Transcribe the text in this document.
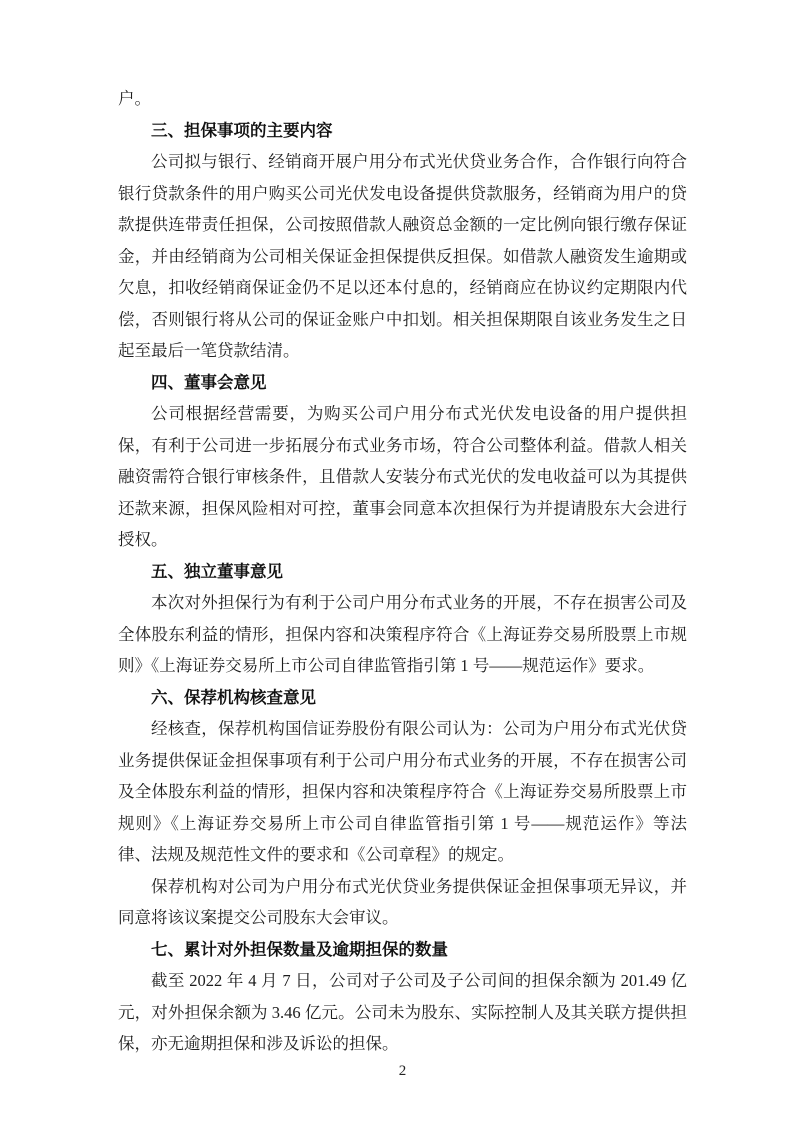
户。

三、担保事项的主要内容

公司拟与银行、经销商开展户用分布式光伏贷业务合作，合作银行向符合银行贷款条件的用户购买公司光伏发电设备提供贷款服务，经销商为用户的贷款提供连带责任担保，公司按照借款人融资总金额的一定比例向银行缴存保证金，并由经销商为公司相关保证金担保提供反担保。如借款人融资发生逾期或欠息，扣收经销商保证金仍不足以还本付息的，经销商应在协议约定期限内代偿，否则银行将从公司的保证金账户中扣划。相关担保期限自该业务发生之日起至最后一笔贷款结清。

四、董事会意见

公司根据经营需要，为购买公司户用分布式光伏发电设备的用户提供担保，有利于公司进一步拓展分布式业务市场，符合公司整体利益。借款人相关融资需符合银行审核条件，且借款人安装分布式光伏的发电收益可以为其提供还款来源，担保风险相对可控，董事会同意本次担保行为并提请股东大会进行授权。

五、独立董事意见

本次对外担保行为有利于公司户用分布式业务的开展，不存在损害公司及全体股东利益的情形，担保内容和决策程序符合《上海证券交易所股票上市规则》《上海证券交易所上市公司自律监管指引第 1 号——规范运作》要求。

六、保荐机构核查意见

经核查，保荐机构国信证券股份有限公司认为：公司为户用分布式光伏贷业务提供保证金担保事项有利于公司户用分布式业务的开展，不存在损害公司及全体股东利益的情形，担保内容和决策程序符合《上海证券交易所股票上市规则》《上海证券交易所上市公司自律监管指引第 1 号——规范运作》等法律、法规及规范性文件的要求和《公司章程》的规定。

保荐机构对公司为户用分布式光伏贷业务提供保证金担保事项无异议，并同意将该议案提交公司股东大会审议。

七、累计对外担保数量及逾期担保的数量

截至 2022 年 4 月 7 日，公司对子公司及子公司间的担保余额为 201.49 亿元，对外担保余额为 3.46 亿元。公司未为股东、实际控制人及其关联方提供担保，亦无逾期担保和涉及诉讼的担保。

2
